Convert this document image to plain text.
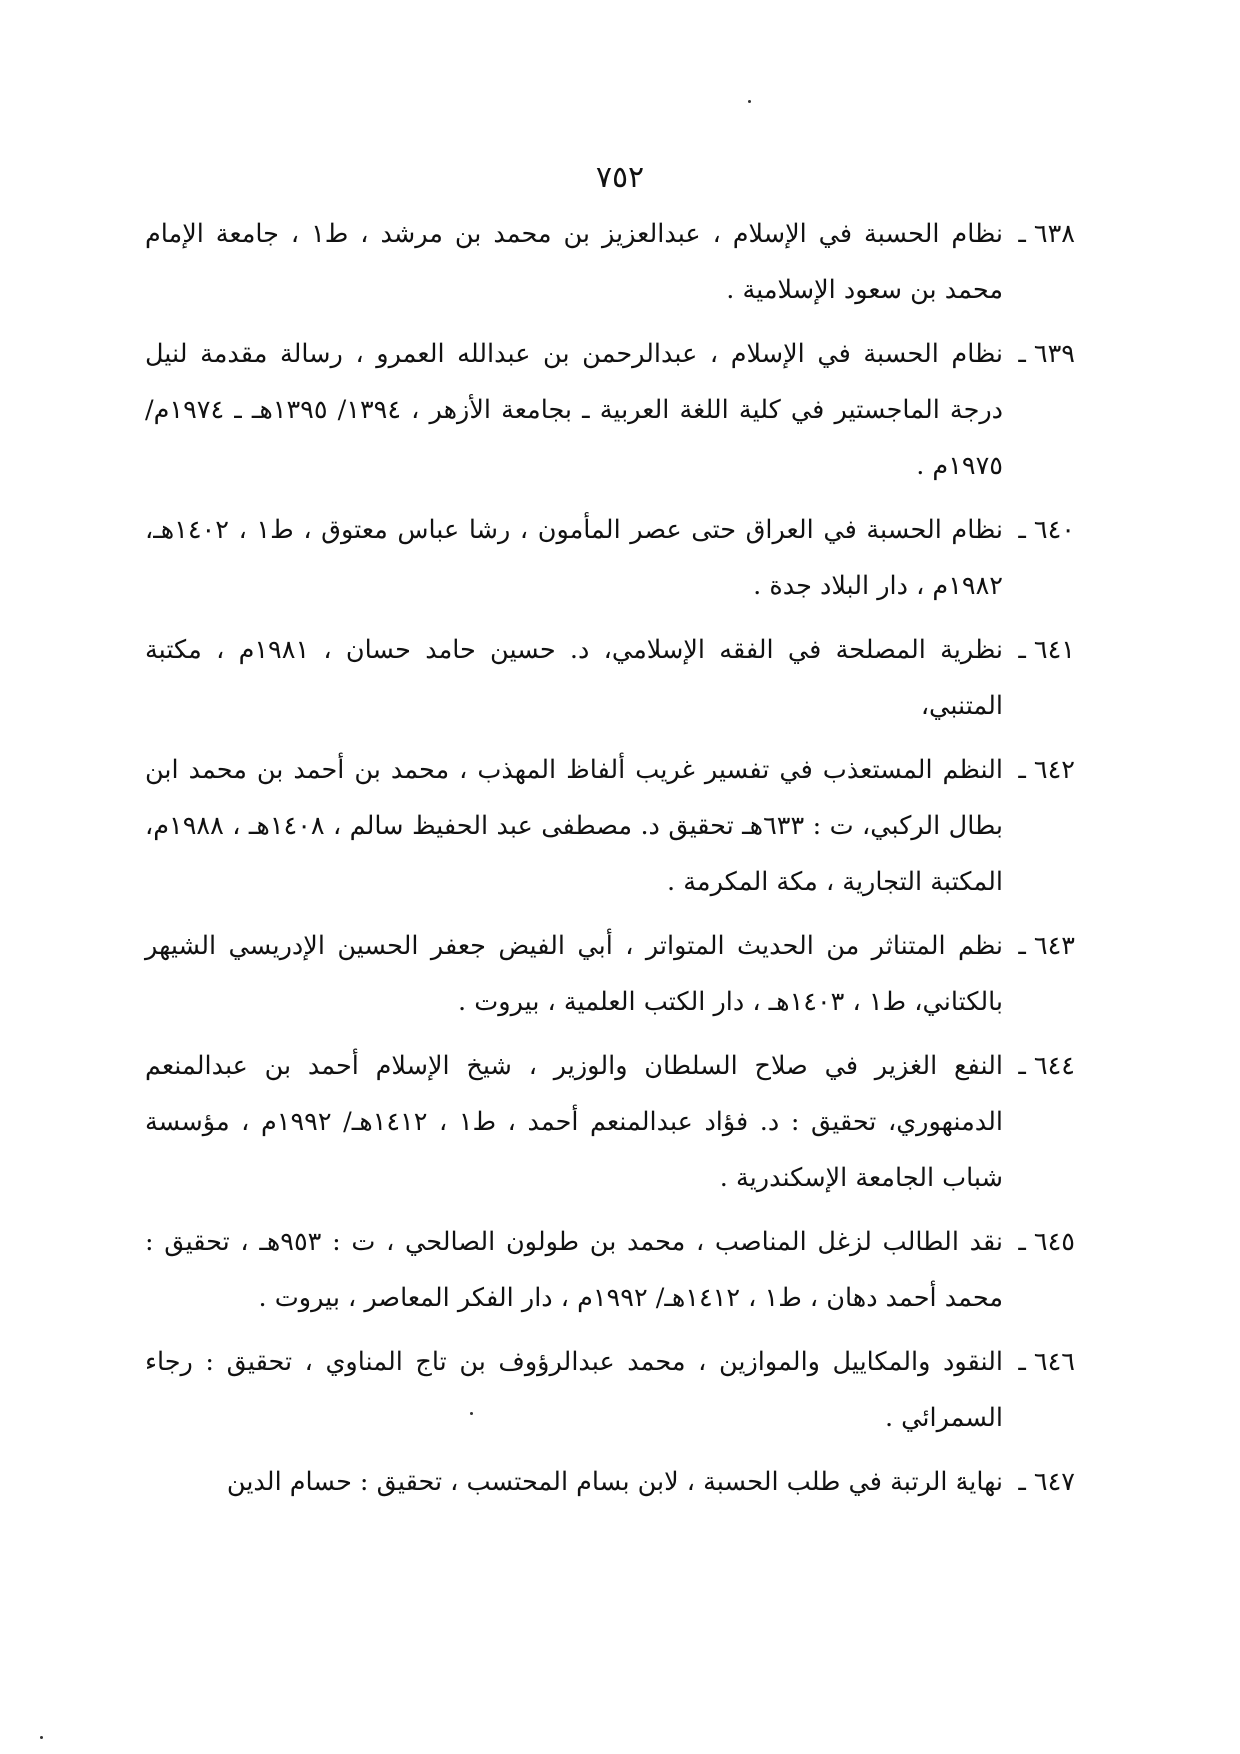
٧٥٢
٦٣٨ ـ
نظام الحسبة في الإسلام ، عبدالعزيز بن محمد بن مرشد ، ط١ ، جامعة الإمام محمد بن سعود الإسلامية .
٦٣٩ ـ
نظام الحسبة في الإسلام ، عبدالرحمن بن عبدالله العمرو ، رسالة مقدمة لنيل درجة الماجستير في كلية اللغة العربية ـ بجامعة الأزهر ، ١٣٩٤/ ١٣٩٥هـ ـ ١٩٧٤م/ ١٩٧٥م .
٦٤٠ ـ
نظام الحسبة في العراق حتى عصر المأمون ، رشا عباس معتوق ، ط١ ، ١٤٠٢هـ، ١٩٨٢م ، دار البلاد جدة .
٦٤١ ـ
نظرية المصلحة في الفقه الإسلامي، د. حسين حامد حسان ، ١٩٨١م ، مكتبة المتنبي،
٦٤٢ ـ
النظم المستعذب في تفسير غريب ألفاظ المهذب ، محمد بن أحمد بن محمد ابن بطال الركبي، ت : ٦٣٣هـ تحقيق د. مصطفى عبد الحفيظ سالم ، ١٤٠٨هـ ، ١٩٨٨م، المكتبة التجارية ، مكة المكرمة .
٦٤٣ ـ
نظم المتناثر من الحديث المتواتر ، أبي الفيض جعفر الحسين الإدريسي الشيهر بالكتاني، ط١ ، ١٤٠٣هـ ، دار الكتب العلمية ، بيروت .
٦٤٤ ـ
النفع الغزير في صلاح السلطان والوزير ، شيخ الإسلام أحمد بن عبدالمنعم الدمنهوري، تحقيق : د. فؤاد عبدالمنعم أحمد ، ط١ ، ١٤١٢هـ/ ١٩٩٢م ، مؤسسة شباب الجامعة الإسكندرية .
٦٤٥ ـ
نقد الطالب لزغل المناصب ، محمد بن طولون الصالحي ، ت : ٩٥٣هـ ، تحقيق : محمد أحمد دهان ، ط١ ، ١٤١٢هـ/ ١٩٩٢م ، دار الفكر المعاصر ، بيروت .
٦٤٦ ـ
النقود والمكاييل والموازين ، محمد عبدالرؤوف بن تاج المناوي ، تحقيق : رجاء السمرائي .
٦٤٧ ـ
نهاية الرتبة في طلب الحسبة ، لابن بسام المحتسب ، تحقيق : حسام الدين
